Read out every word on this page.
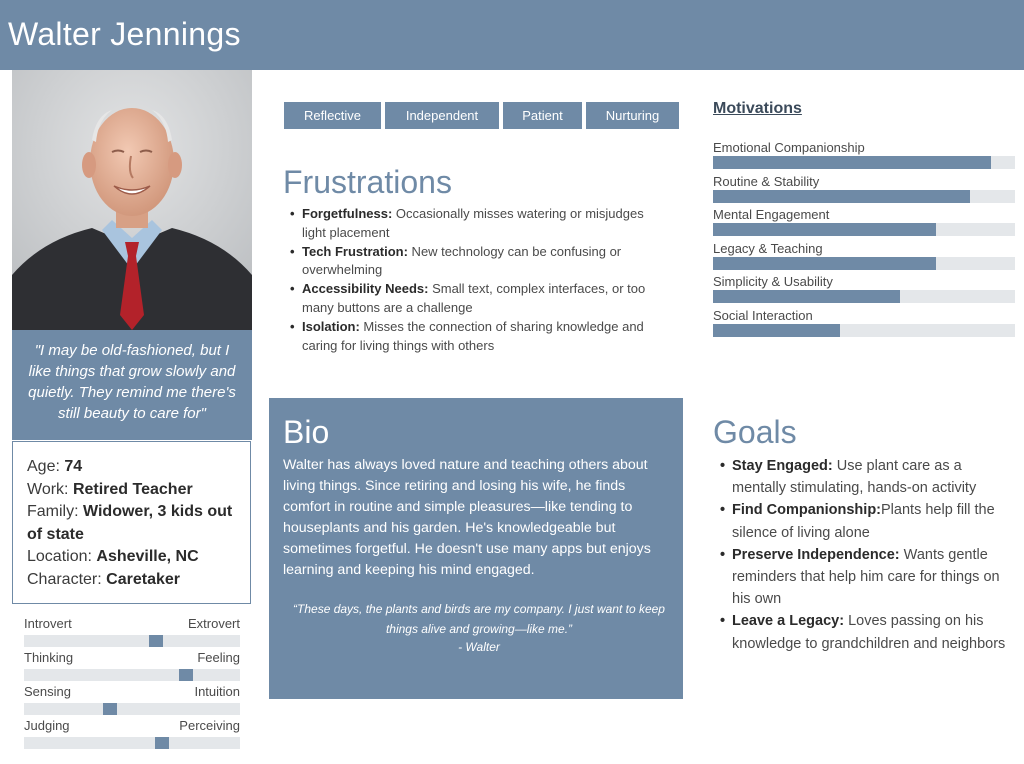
Walter Jennings
"I may be old-fashioned, but I like things that grow slowly and quietly. They remind me there's still beauty to care for"
Age: 74
Work: Retired Teacher
Family: Widower, 3 kids out of state
Location: Asheville, NC
Character: Caretaker
Introvert	Extrovert
Thinking	Feeling
Sensing	Intuition
Judging	Perceiving
Reflective	Independent	Patient	Nurturing
Frustrations
• Forgetfulness: Occasionally misses watering or misjudges light placement
• Tech Frustration: New technology can be confusing or overwhelming
• Accessibility Needs: Small text, complex interfaces, or too many buttons are a challenge
• Isolation: Misses the connection of sharing knowledge and caring for living things with others
Motivations
Emotional Companionship
Routine & Stability
Mental Engagement
Legacy & Teaching
Simplicity & Usability
Social Interaction
Bio
Walter has always loved nature and teaching others about living things. Since retiring and losing his wife, he finds comfort in routine and simple pleasures—like tending to houseplants and his garden. He's knowledgeable but sometimes forgetful. He doesn't use many apps but enjoys learning and keeping his mind engaged.
“These days, the plants and birds are my company. I just want to keep things alive and growing—like me.”
- Walter
Goals
• Stay Engaged: Use plant care as a mentally stimulating, hands-on activity
• Find Companionship:Plants help fill the silence of living alone
• Preserve Independence: Wants gentle reminders that help him care for things on his own
• Leave a Legacy: Loves passing on his knowledge to grandchildren and neighbors
